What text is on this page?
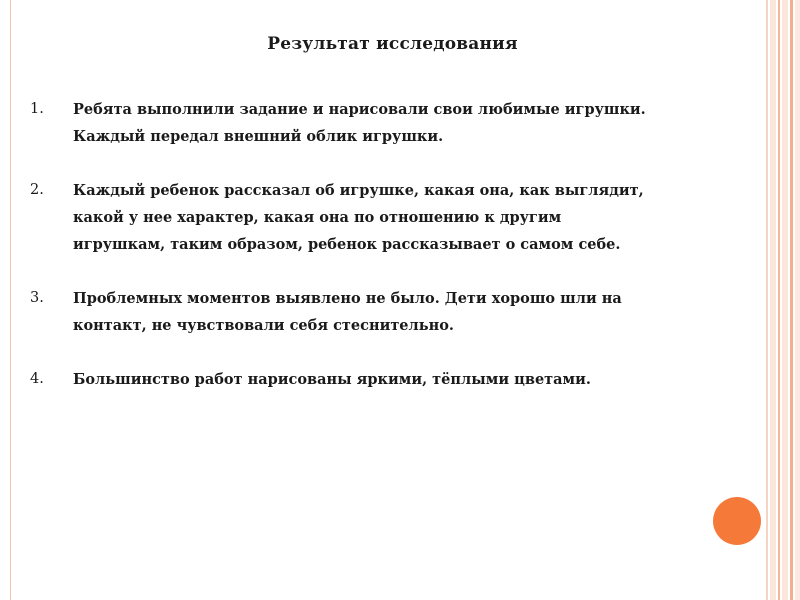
Результат исследования
1. Ребята выполнили задание и нарисовали свои любимые игрушки.
Каждый передал внешний облик игрушки.
2. Каждый ребенок рассказал об игрушке, какая она, как выглядит,
какой у нее характер, какая она по отношению к другим
игрушкам, таким образом, ребенок рассказывает о самом себе.
3. Проблемных моментов выявлено не было. Дети хорошо шли на
контакт, не чувствовали себя стеснительно.
4. Большинство работ нарисованы яркими, тёплыми цветами.
